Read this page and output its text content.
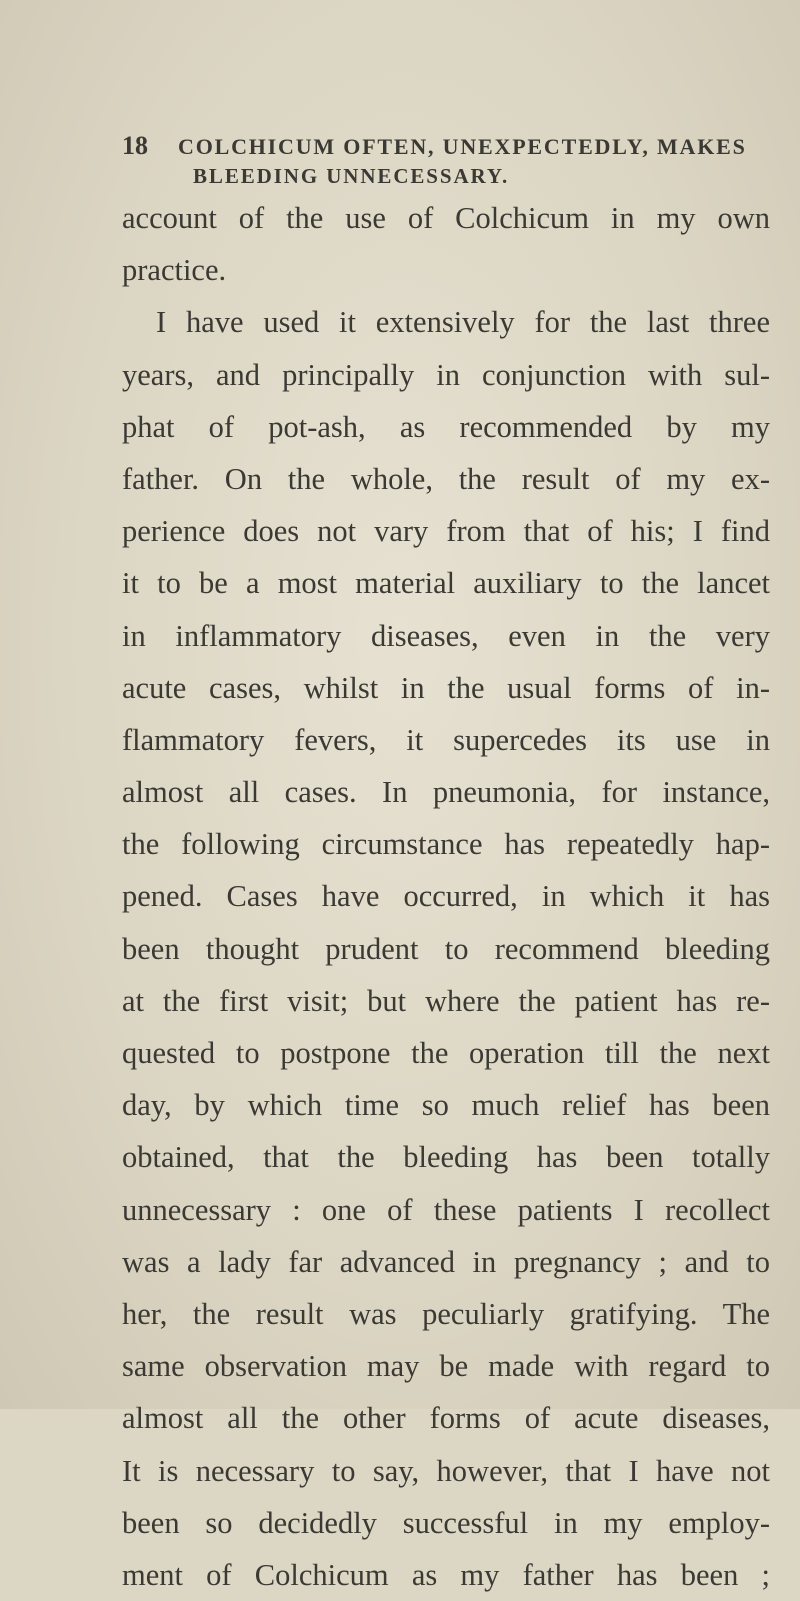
18 COLCHICUM OFTEN, UNEXPECTEDLY, MAKES
BLEEDING UNNECESSARY.
account of the use of Colchicum in my own
practice.
I have used it extensively for the last three
years, and principally in conjunction with sul-
phat of pot-ash, as recommended by my
father. On the whole, the result of my ex-
perience does not vary from that of his; I find
it to be a most material auxiliary to the lancet
in inflammatory diseases, even in the very
acute cases, whilst in the usual forms of in-
flammatory fevers, it supercedes its use in
almost all cases. In pneumonia, for instance,
the following circumstance has repeatedly hap-
pened. Cases have occurred, in which it has
been thought prudent to recommend bleeding
at the first visit; but where the patient has re-
quested to postpone the operation till the next
day, by which time so much relief has been
obtained, that the bleeding has been totally
unnecessary : one of these patients I recollect
was a lady far advanced in pregnancy ; and to
her, the result was peculiarly gratifying. The
same observation may be made with regard to
almost all the other forms of acute diseases,
It is necessary to say, however, that I have not
been so decidedly successful in my employ-
ment of Colchicum as my father has been ;
